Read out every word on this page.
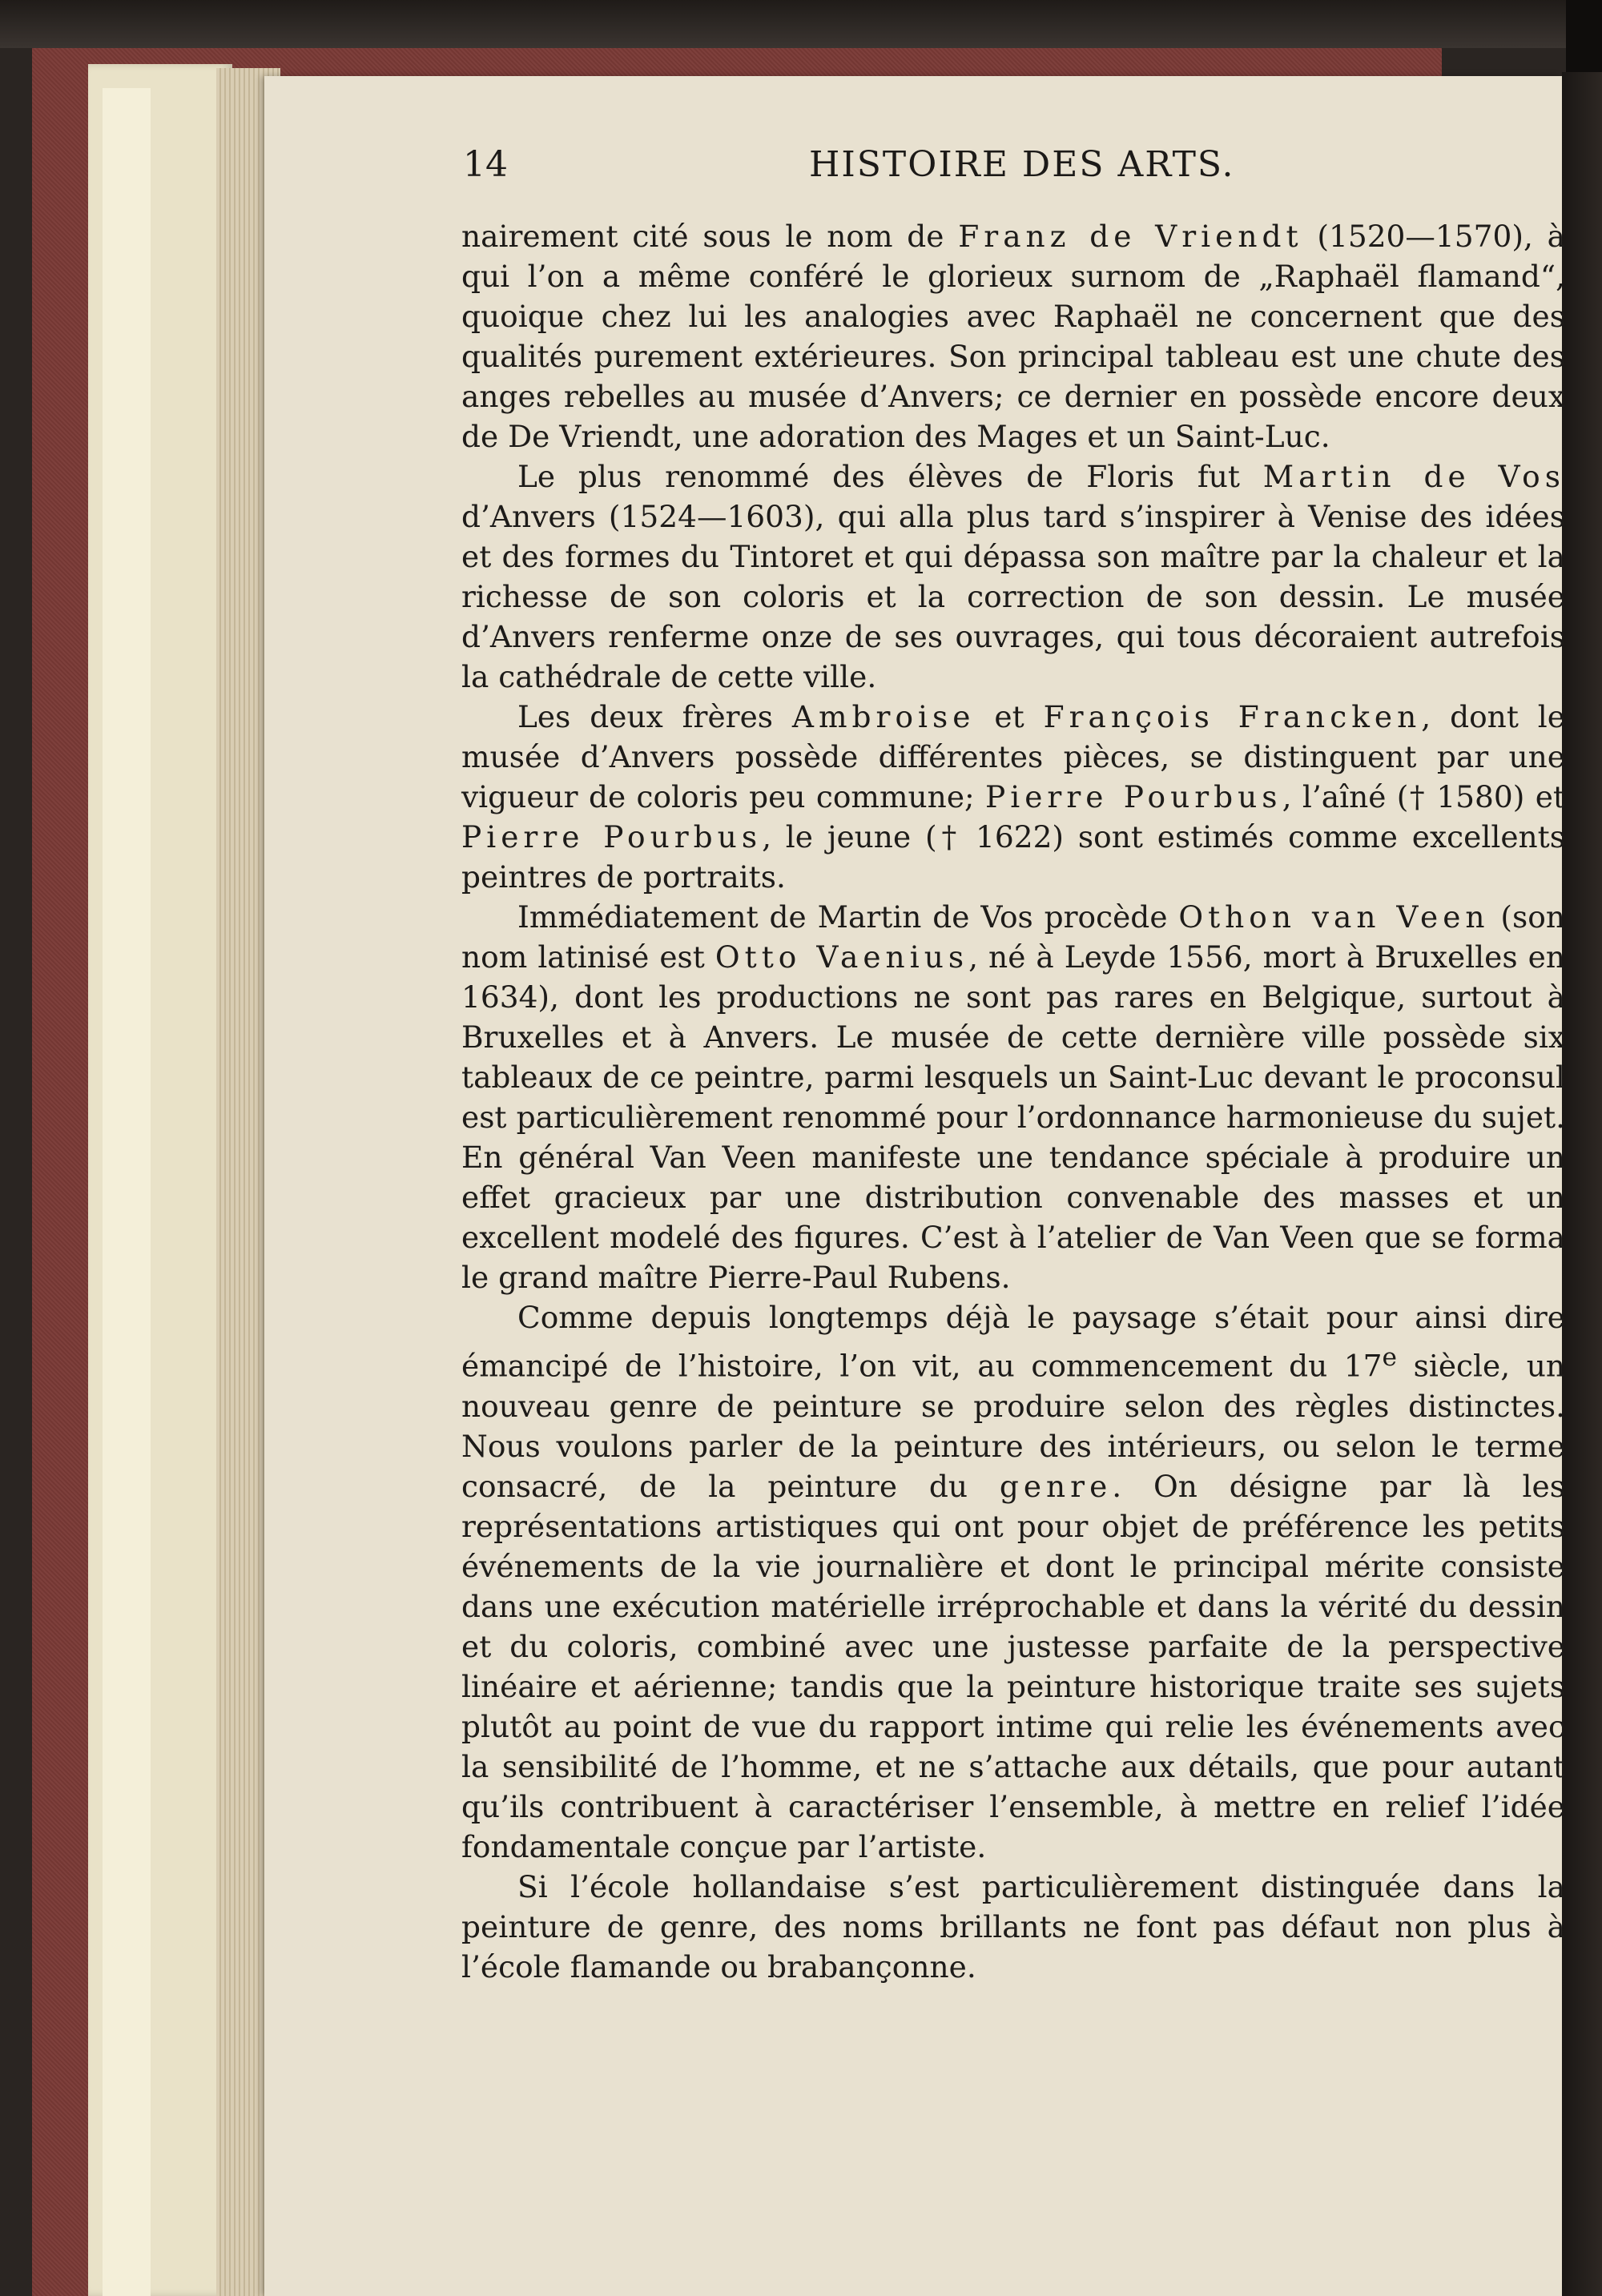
14	HISTOIRE DES ARTS.

nairement cité sous le nom de Franz de Vriendt (1520—1570), à qui l’on a même conféré le glorieux surnom de „Raphaël flamand“, quoique chez lui les analogies avec Raphaël ne concernent que des qualités purement extérieures. Son principal tableau est une chute des anges rebelles au musée d’Anvers; ce dernier en possède encore deux de De Vriendt, une adoration des Mages et un Saint-Luc.

Le plus renommé des élèves de Floris fut Martin de Vos d’Anvers (1524—1603), qui alla plus tard s’inspirer à Venise des idées et des formes du Tintoret et qui dépassa son maître par la chaleur et la richesse de son coloris et la correction de son dessin. Le musée d’Anvers renferme onze de ses ouvrages, qui tous décoraient autrefois la cathédrale de cette ville.

Les deux frères Ambroise et François Francken, dont le musée d’Anvers possède différentes pièces, se distinguent par une vigueur de coloris peu commune; Pierre Pourbus, l’aîné († 1580) et Pierre Pourbus, le jeune († 1622) sont estimés comme excellents peintres de portraits.

Immédiatement de Martin de Vos procède Othon van Veen (son nom latinisé est Otto Vaenius, né à Leyde 1556, mort à Bruxelles en 1634), dont les productions ne sont pas rares en Belgique, surtout à Bruxelles et à Anvers. Le musée de cette dernière ville possède six tableaux de ce peintre, parmi lesquels un Saint-Luc devant le proconsul est particulièrement renommé pour l’ordonnance harmonieuse du sujet. En général Van Veen manifeste une tendance spéciale à produire un effet gracieux par une distribution convenable des masses et un excellent modelé des figures. C’est à l’atelier de Van Veen que se forma le grand maître Pierre-Paul Rubens.

Comme depuis longtemps déjà le paysage s’était pour ainsi dire émancipé de l’histoire, l’on vit, au commencement du 17e siècle, un nouveau genre de peinture se produire selon des règles distinctes. Nous voulons parler de la peinture des intérieurs, ou selon le terme consacré, de la peinture du genre. On désigne par là les représentations artistiques qui ont pour objet de préférence les petits événements de la vie journalière et dont le principal mérite consiste dans une exécution matérielle irréprochable et dans la vérité du dessin et du coloris, combiné avec une justesse parfaite de la perspective linéaire et aérienne; tandis que la peinture historique traite ses sujets plutôt au point de vue du rapport intime qui relie les événements avec la sensibilité de l’homme, et ne s’attache aux détails, que pour autant qu’ils contribuent à caractériser l’ensemble, à mettre en relief l’idée fondamentale conçue par l’artiste.

Si l’école hollandaise s’est particulièrement distinguée dans la peinture de genre, des noms brillants ne font pas défaut non plus à l’école flamande ou brabançonne.
